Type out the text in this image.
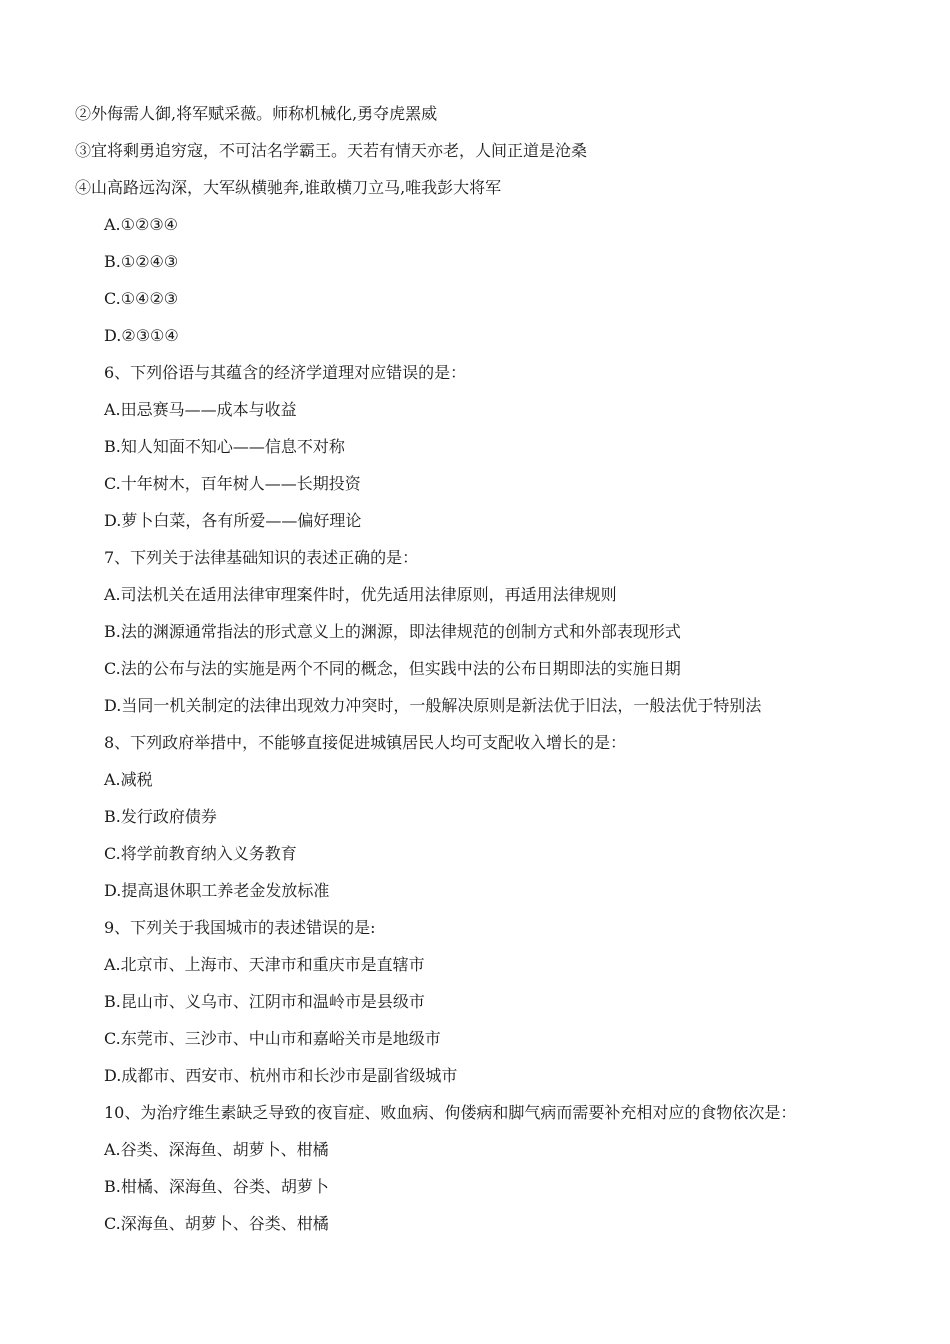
②外侮需人御,将军赋采薇。师称机械化,勇夺虎罴威
③宜将剩勇追穷寇，不可沽名学霸王。天若有情天亦老，人间正道是沧桑
④山高路远沟深，大军纵横驰奔,谁敢横刀立马,唯我彭大将军
A.①②③④
B.①②④③
C.①④②③
D.②③①④
6、下列俗语与其蕴含的经济学道理对应错误的是：
A.田忌赛马——成本与收益
B.知人知面不知心——信息不对称
C.十年树木，百年树人——长期投资
D.萝卜白菜，各有所爱——偏好理论
7、下列关于法律基础知识的表述正确的是：
A.司法机关在适用法律审理案件时，优先适用法律原则，再适用法律规则
B.法的渊源通常指法的形式意义上的渊源，即法律规范的创制方式和外部表现形式
C.法的公布与法的实施是两个不同的概念，但实践中法的公布日期即法的实施日期
D.当同一机关制定的法律出现效力冲突时，一般解决原则是新法优于旧法，一般法优于特别法
8、下列政府举措中，不能够直接促进城镇居民人均可支配收入增长的是：
A.减税
B.发行政府债券
C.将学前教育纳入义务教育
D.提高退休职工养老金发放标准
9、下列关于我国城市的表述错误的是:
A.北京市、上海市、天津市和重庆市是直辖市
B.昆山市、义乌市、江阴市和温岭市是县级市
C.东莞市、三沙市、中山市和嘉峪关市是地级市
D.成都市、西安市、杭州市和长沙市是副省级城市
10、为治疗维生素缺乏导致的夜盲症、败血病、佝偻病和脚气病而需要补充相对应的食物依次是：
A.谷类、深海鱼、胡萝卜、柑橘
B.柑橘、深海鱼、谷类、胡萝卜
C.深海鱼、胡萝卜、谷类、柑橘
